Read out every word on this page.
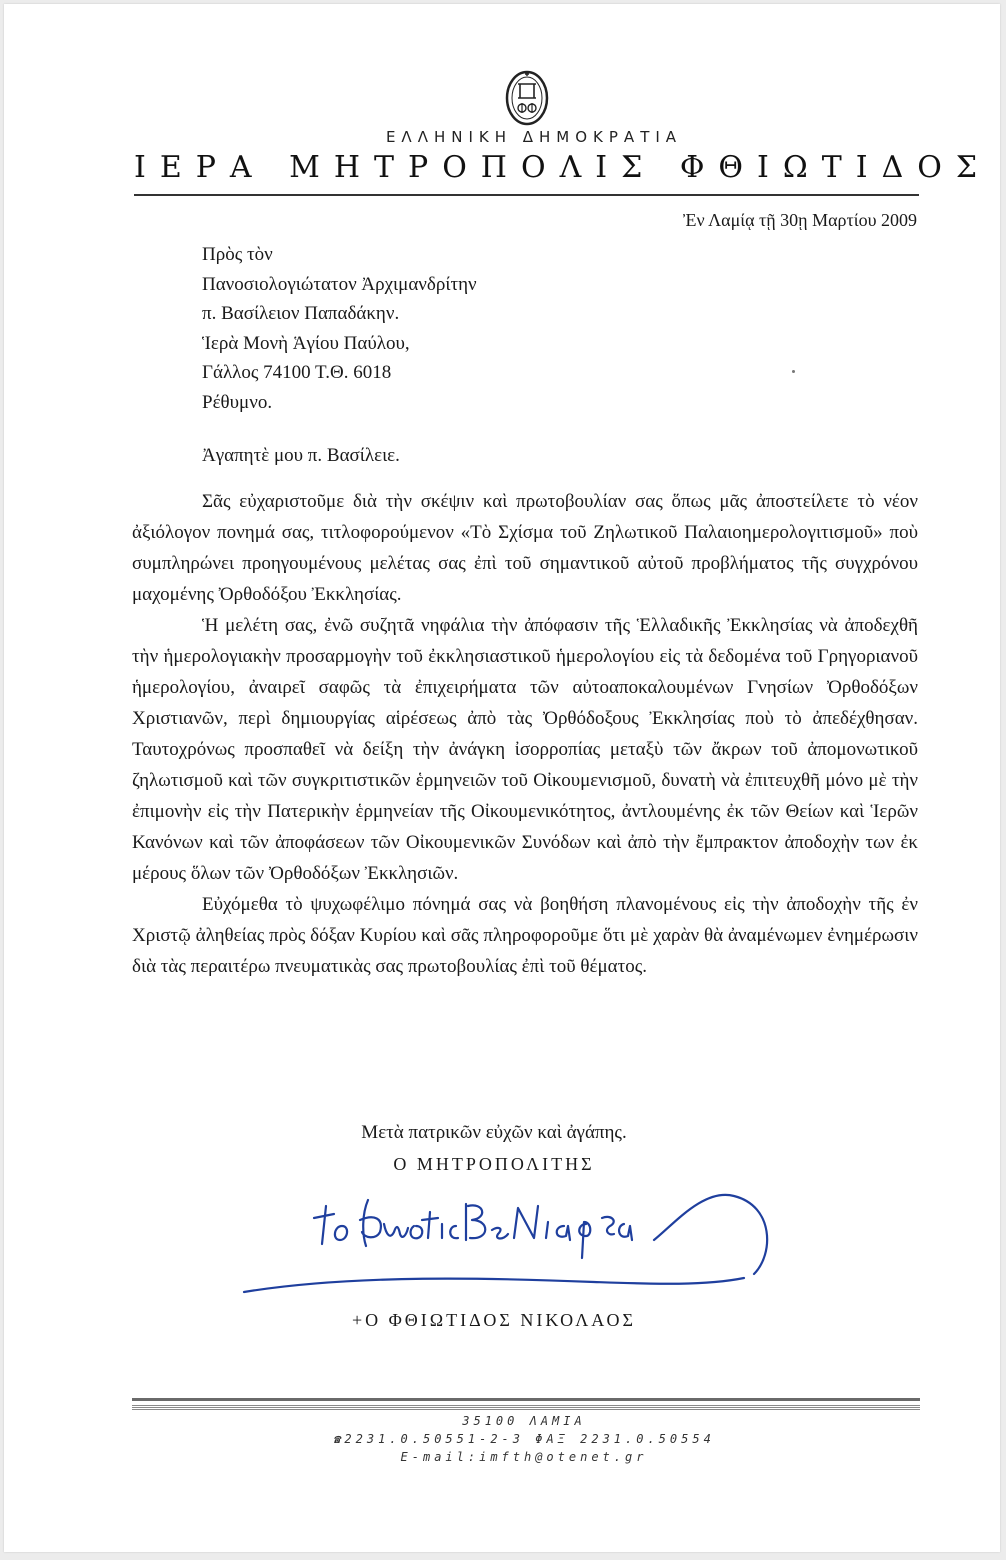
ΕΛΛΗΝΙΚΗ ΔΗΜΟΚΡΑΤΙΑ
ΙΕΡΑ ΜΗΤΡΟΠΟΛΙΣ ΦΘΙΩΤΙΔΟΣ
Ἐν Λαμίᾳ τῇ 30ῃ Μαρτίου 2009
Πρὸς τὸν
Πανοσιολογιώτατον Ἀρχιμανδρίτην
π. Βασίλειον Παπαδάκην.
Ἱερὰ Μονὴ Ἁγίου Παύλου,
Γάλλος 74100 Τ.Θ. 6018
Ρέθυμνο.
Ἀγαπητὲ μου π. Βασίλειε.

Σᾶς εὐχαριστοῦμε διὰ τὴν σκέψιν καὶ πρωτοβουλίαν σας ὅπως μᾶς ἀποστείλετε τὸ νέον ἀξιόλογον πονημά σας, τιτλοφορούμενον «Τὸ Σχίσμα τοῦ Ζηλωτικοῦ Παλαιοημερολογιτισμοῦ» ποὺ συμπληρώνει προηγουμένους μελέτας σας ἐπὶ τοῦ σημαντικοῦ αὐτοῦ προβλήματος τῆς συγχρόνου μαχομένης Ὀρθοδόξου Ἐκκλησίας.

Ἡ μελέτη σας, ἐνῶ συζητᾶ νηφάλια τὴν ἀπόφασιν τῆς Ἑλλαδικῆς Ἐκκλησίας νὰ ἀποδεχθῆ τὴν ἡμερολογιακὴν προσαρμογὴν τοῦ ἐκκλησιαστικοῦ ἡμερολογίου εἰς τὰ δεδομένα τοῦ Γρηγοριανοῦ ἡμερολογίου, ἀναιρεῖ σαφῶς τὰ ἐπιχειρήματα τῶν αὐτοαποκαλουμένων Γνησίων Ὀρθοδόξων Χριστιανῶν, περὶ δημιουργίας αἱρέσεως ἀπὸ τὰς Ὀρθόδοξους Ἐκκλησίας ποὺ τὸ ἀπεδέχθησαν. Ταυτοχρόνως προσπαθεῖ νὰ δείξη τὴν ἀνάγκη ἰσορροπίας μεταξὺ τῶν ἄκρων τοῦ ἀπομονωτικοῦ ζηλωτισμοῦ καὶ τῶν συγκριτιστικῶν ἑρμηνειῶν τοῦ Οἰκουμενισμοῦ, δυνατὴ νὰ ἐπιτευχθῆ μόνο μὲ τὴν ἐπιμονὴν εἰς τὴν Πατερικὴν ἑρμηνείαν τῆς Οἰκουμενικότητος, ἀντλουμένης ἐκ τῶν Θείων καὶ Ἱερῶν Κανόνων καὶ τῶν ἀποφάσεων τῶν Οἰκουμενικῶν Συνόδων καὶ ἀπὸ τὴν ἔμπρακτον ἀποδοχὴν των ἐκ μέρους ὅλων τῶν Ὀρθοδόξων Ἐκκλησιῶν.

Εὐχόμεθα τὸ ψυχωφέλιμο πόνημά σας νὰ βοηθήση πλανομένους εἰς τὴν ἀποδοχὴν τῆς ἐν Χριστῷ ἀληθείας πρὸς δόξαν Κυρίου καὶ σᾶς πληροφοροῦμε ὅτι μὲ χαρὰν θὰ ἀναμένωμεν ἐνημέρωσιν διὰ τὰς περαιτέρω πνευματικὰς σας πρωτοβουλίας ἐπὶ τοῦ θέματος.

Μετὰ πατρικῶν εὐχῶν καὶ ἀγάπης.
Ο ΜΗΤΡΟΠΟΛΙΤΗΣ
+Ο ΦΘΙΩΤΙΔΟΣ ΝΙΚΟΛΑΟΣ
35100 ΛΑΜΙΑ
☎2231.0.50551-2-3 ΦΑΞ 2231.0.50554
E-mail:imfth@otenet.gr
